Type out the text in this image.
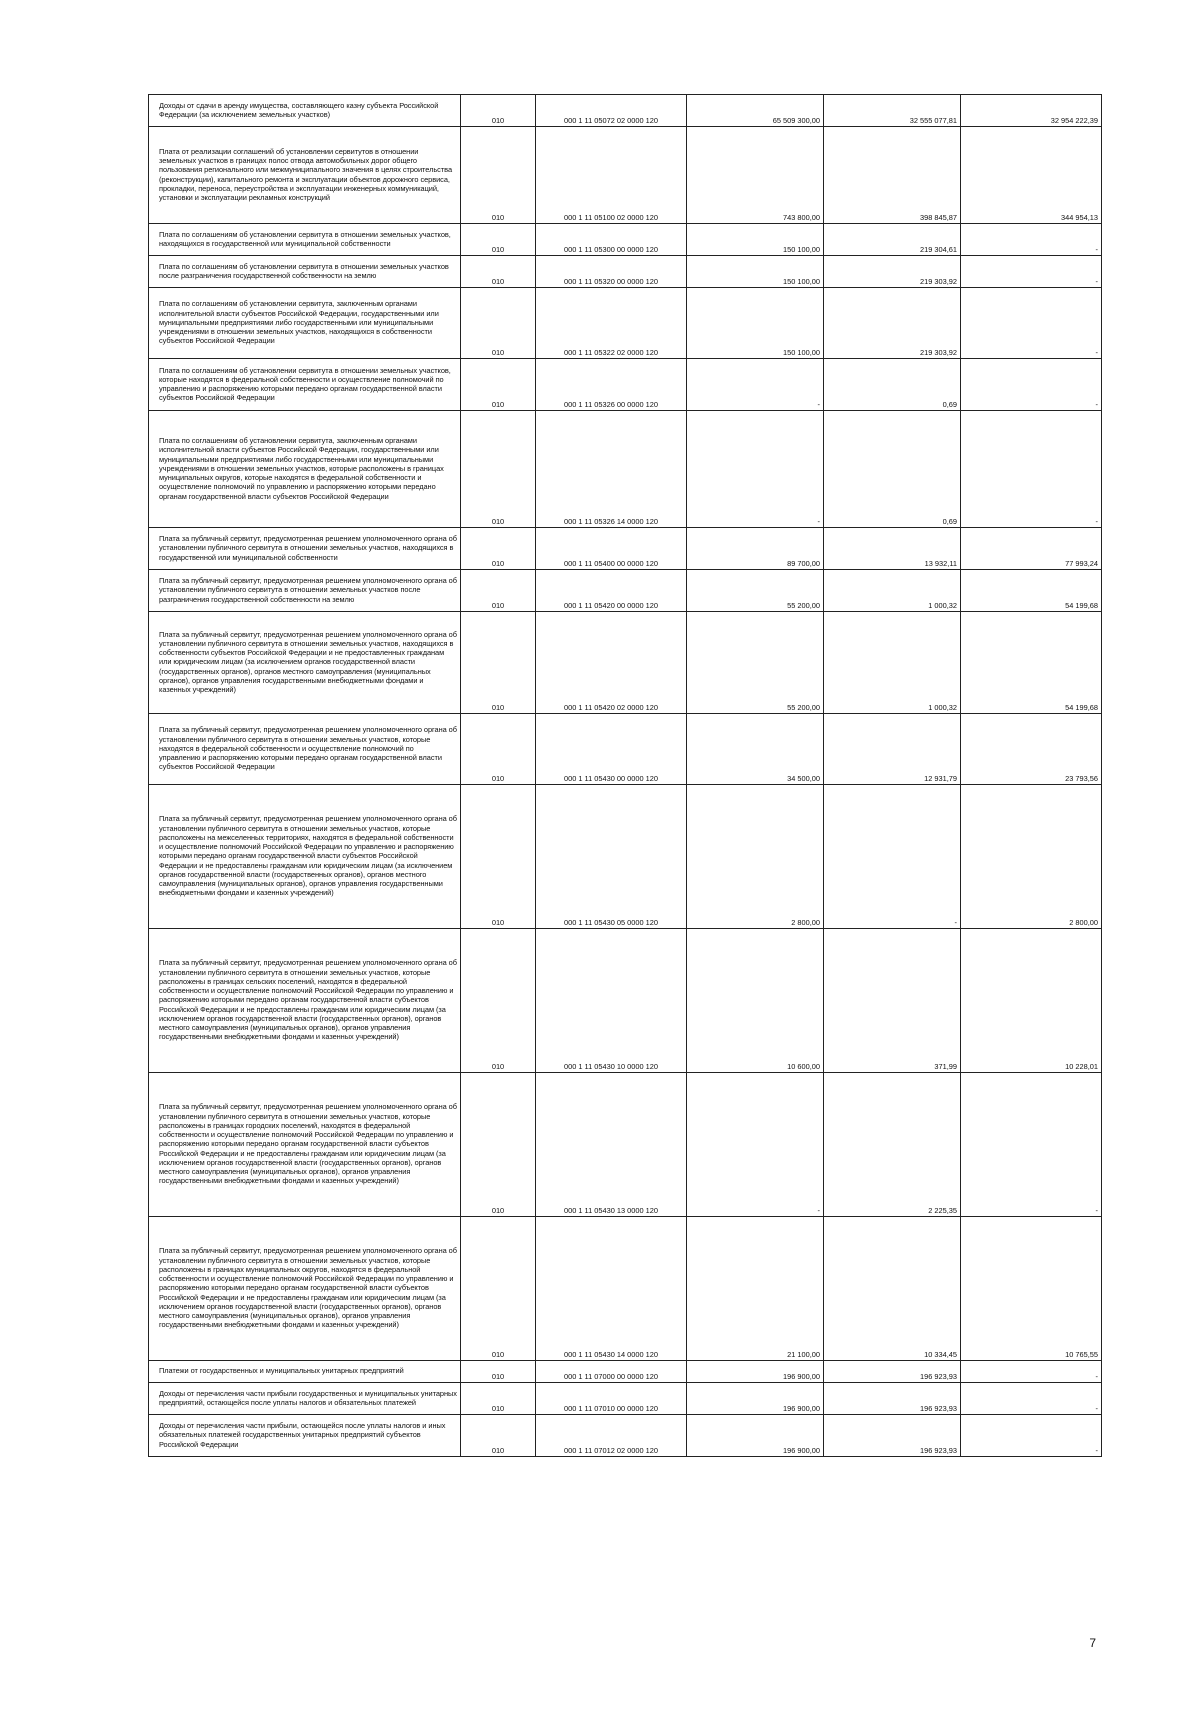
Доходы от сдачи в аренду имущества, составляющего казну субъекта Российской Федерации (за исключением земельных участков)	010	000 1 11 05072 02 0000 120	65 509 300,00	32 555 077,81	32 954 222,39
Плата от реализации соглашений об установлении сервитутов в отношении земельных участков в границах полос отвода автомобильных дорог общего пользования регионального или межмуниципального значения в целях строительства (реконструкции), капитального ремонта и эксплуатации объектов дорожного сервиса, прокладки, переноса, переустройства и эксплуатации инженерных коммуникаций, установки и эксплуатации рекламных конструкций	010	000 1 11 05100 02 0000 120	743 800,00	398 845,87	344 954,13
Плата по соглашениям об установлении сервитута в отношении земельных участков, находящихся в государственной или муниципальной собственности	010	000 1 11 05300 00 0000 120	150 100,00	219 304,61	-
Плата по соглашениям об установлении сервитута в отношении земельных участков после разграничения государственной собственности на землю	010	000 1 11 05320 00 0000 120	150 100,00	219 303,92	-
Плата по соглашениям об установлении сервитута, заключенным органами исполнительной власти субъектов Российской Федерации, государственными или муниципальными предприятиями либо государственными или муниципальными учреждениями в отношении земельных участков, находящихся в собственности субъектов Российской Федерации	010	000 1 11 05322 02 0000 120	150 100,00	219 303,92	-
Плата по соглашениям об установлении сервитута в отношении земельных участков, которые находятся в федеральной собственности и осуществление полномочий по управлению и распоряжению которыми передано органам государственной власти субъектов Российской Федерации	010	000 1 11 05326 00 0000 120	-	0,69	-
Плата по соглашениям об установлении сервитута, заключенным органами исполнительной власти субъектов Российской Федерации, государственными или муниципальными предприятиями либо государственными или муниципальными учреждениями в отношении земельных участков, которые расположены в границах муниципальных округов, которые находятся в федеральной собственности и осуществление полномочий по управлению и распоряжению которыми передано органам государственной власти субъектов Российской Федерации	010	000 1 11 05326 14 0000 120	-	0,69	-
Плата за публичный сервитут, предусмотренная решением уполномоченного органа об установлении публичного сервитута в отношении земельных участков, находящихся в государственной или муниципальной собственности	010	000 1 11 05400 00 0000 120	89 700,00	13 932,11	77 993,24
Плата за публичный сервитут, предусмотренная решением уполномоченного органа об установлении публичного сервитута в отношении земельных участков после разграничения государственной собственности на землю	010	000 1 11 05420 00 0000 120	55 200,00	1 000,32	54 199,68
Плата за публичный сервитут, предусмотренная решением уполномоченного органа об установлении публичного сервитута в отношении земельных участков, находящихся в собственности субъектов Российской Федерации и не предоставленных гражданам или юридическим лицам (за исключением органов государственной власти (государственных органов), органов местного самоуправления (муниципальных органов), органов управления государственными внебюджетными фондами и казенных учреждений)	010	000 1 11 05420 02 0000 120	55 200,00	1 000,32	54 199,68
Плата за публичный сервитут, предусмотренная решением уполномоченного органа об установлении публичного сервитута в отношении земельных участков, которые находятся в федеральной собственности и осуществление полномочий по управлению и распоряжению которыми передано органам государственной власти субъектов Российской Федерации	010	000 1 11 05430 00 0000 120	34 500,00	12 931,79	23 793,56
Плата за публичный сервитут, предусмотренная решением уполномоченного органа об установлении публичного сервитута в отношении земельных участков, которые расположены на межселенных территориях, находятся в федеральной собственности и осуществление полномочий Российской Федерации по управлению и распоряжению которыми передано органам государственной власти субъектов Российской Федерации и не предоставлены гражданам или юридическим лицам (за исключением органов государственной власти (государственных органов), органов местного самоуправления (муниципальных органов), органов управления государственными внебюджетными фондами и казенных учреждений)	010	000 1 11 05430 05 0000 120	2 800,00	-	2 800,00
Плата за публичный сервитут, предусмотренная решением уполномоченного органа об установлении публичного сервитута в отношении земельных участков, которые расположены в границах сельских поселений, находятся в федеральной собственности и осуществление полномочий Российской Федерации по управлению и распоряжению которыми передано органам государственной власти субъектов Российской Федерации и не предоставлены гражданам или юридическим лицам (за исключением органов государственной власти (государственных органов), органов местного самоуправления (муниципальных органов), органов управления государственными внебюджетными фондами и казенных учреждений)	010	000 1 11 05430 10 0000 120	10 600,00	371,99	10 228,01
Плата за публичный сервитут, предусмотренная решением уполномоченного органа об установлении публичного сервитута в отношении земельных участков, которые расположены в границах городских поселений, находятся в федеральной собственности и осуществление полномочий Российской Федерации по управлению и распоряжению которыми передано органам государственной власти субъектов Российской Федерации и не предоставлены гражданам или юридическим лицам (за исключением органов государственной власти (государственных органов), органов местного самоуправления (муниципальных органов), органов управления государственными внебюджетными фондами и казенных учреждений)	010	000 1 11 05430 13 0000 120	-	2 225,35	-
Плата за публичный сервитут, предусмотренная решением уполномоченного органа об установлении публичного сервитута в отношении земельных участков, которые расположены в границах муниципальных округов, находятся в федеральной собственности и осуществление полномочий Российской Федерации по управлению и распоряжению которыми передано органам государственной власти субъектов Российской Федерации и не предоставлены гражданам или юридическим лицам (за исключением органов государственной власти (государственных органов), органов местного самоуправления (муниципальных органов), органов управления государственными внебюджетными фондами и казенных учреждений)	010	000 1 11 05430 14 0000 120	21 100,00	10 334,45	10 765,55
Платежи от государственных и муниципальных унитарных предприятий	010	000 1 11 07000 00 0000 120	196 900,00	196 923,93	-
Доходы от перечисления части прибыли государственных и муниципальных унитарных предприятий, остающейся после уплаты налогов и обязательных платежей	010	000 1 11 07010 00 0000 120	196 900,00	196 923,93	-
Доходы от перечисления части прибыли, остающейся после уплаты налогов и иных обязательных платежей государственных унитарных предприятий субъектов Российской Федерации	010	000 1 11 07012 02 0000 120	196 900,00	196 923,93	-
7
